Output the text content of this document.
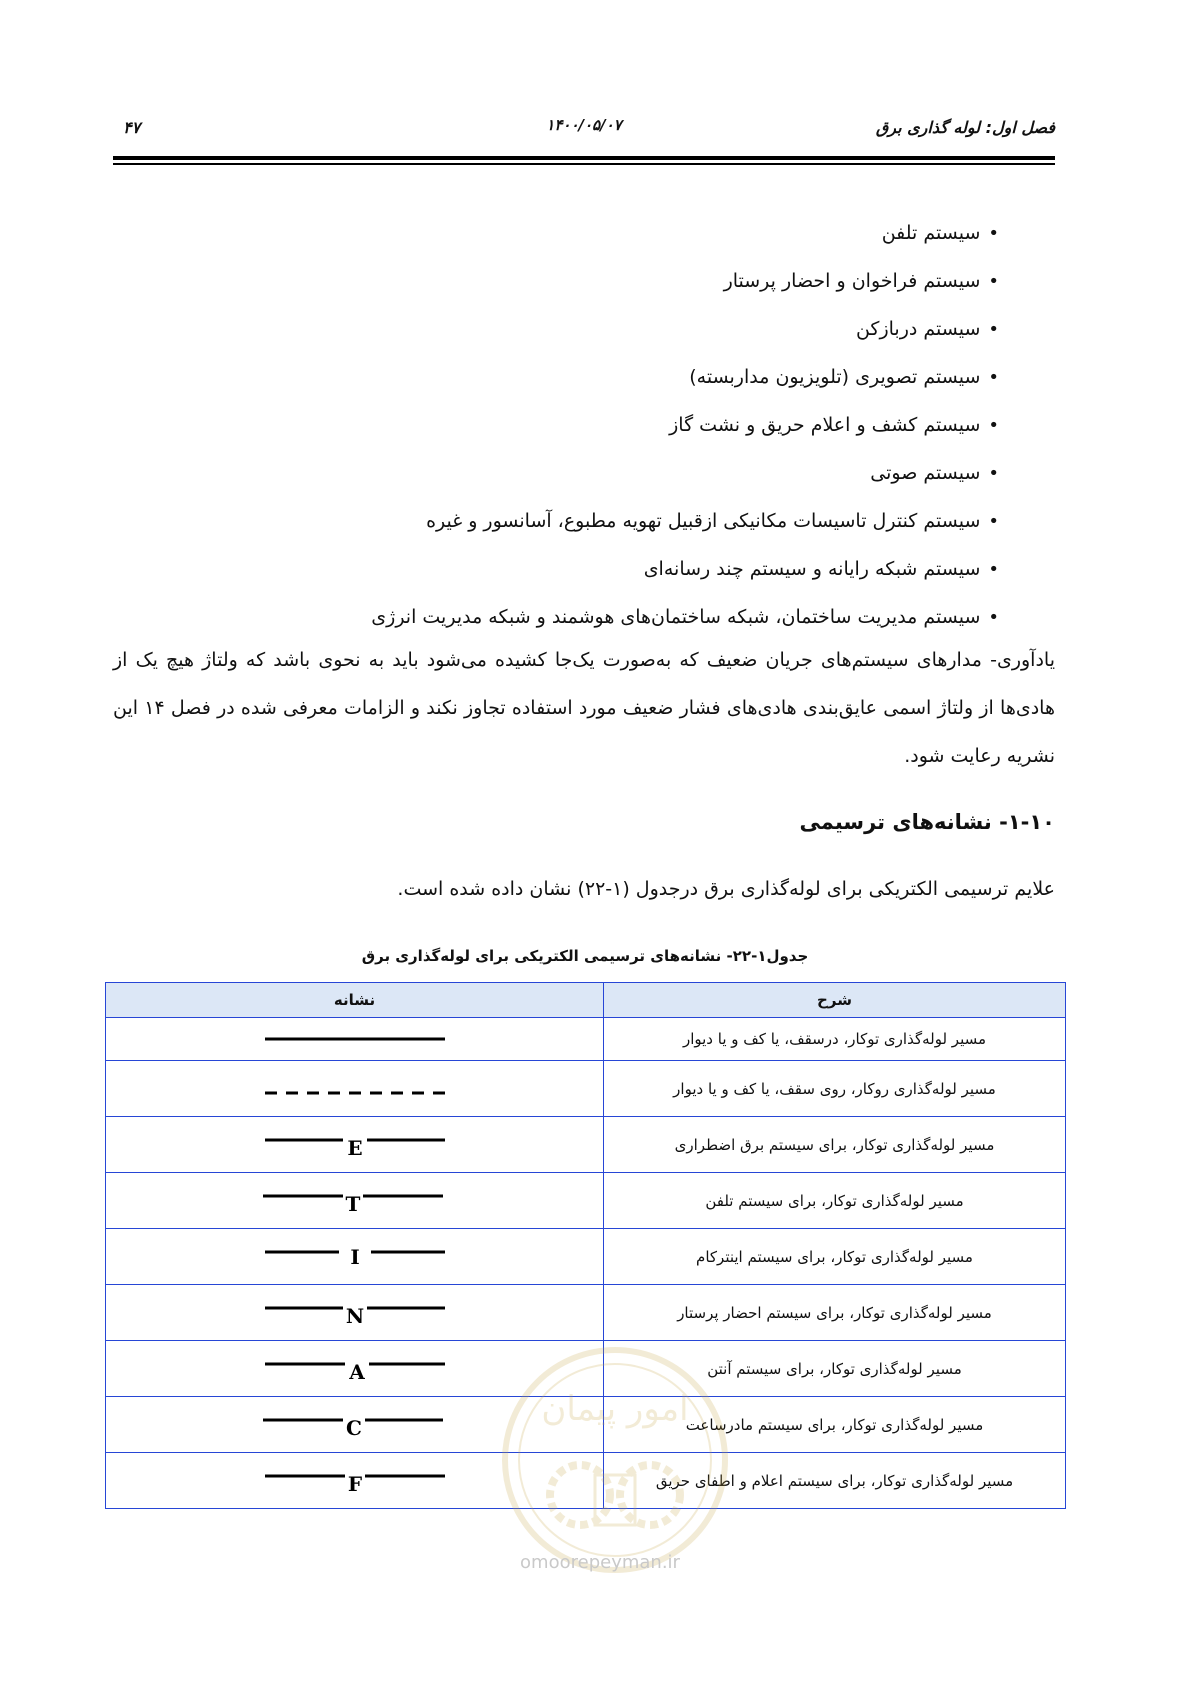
فصل اول: لوله گذاری برق
۱۴۰۰/۰۵/۰۷
۴۷
• سیستم تلفن
• سیستم فراخوان و احضار پرستار
• سیستم دربازکن
• سیستم تصویری (تلویزیون مداربسته)
• سیستم کشف و اعلام حریق و نشت گاز
• سیستم صوتی
• سیستم کنترل تاسیسات مکانیکی ازقبیل تهویه مطبوع، آسانسور و غیره
• سیستم شبکه رایانه و سیستم چند رسانه‌ای
• سیستم مدیریت ساختمان، شبکه ساختمان‌های هوشمند و شبکه مدیریت انرژی

یادآوری- مدارهای سیستم‌های جریان ضعیف که به‌صورت یک‌جا کشیده می‌شود باید به نحوی باشد که ولتاژ هیچ یک از هادی‌ها از ولتاژ اسمی عایق‌بندی هادی‌های فشار ضعیف مورد استفاده تجاوز نکند و الزامات معرفی شده در فصل ۱۴ این نشریه رعایت شود.

۱-۱۰- نشانه‌های ترسیمی
علایم ترسیمی الکتریکی برای لوله‌گذاری برق درجدول (۱-۲۲) نشان داده شده است.
جدول۱-۲۲- نشانه‌های ترسیمی الکتریکی برای لوله‌گذاری برق
نشانه	شرح

	مسیر لوله‌گذاری توکار، درسقف، یا کف و یا دیوار

	مسیر لوله‌گذاری روکار، روی سقف، یا کف و یا دیوار

E	مسیر لوله‌گذاری توکار، برای سیستم برق اضطراری

T	مسیر لوله‌گذاری توکار، برای سیستم تلفن

I	مسیر لوله‌گذاری توکار، برای سیستم اینترکام

N	مسیر لوله‌گذاری توکار، برای سیستم احضار پرستار

A	مسیر لوله‌گذاری توکار، برای سیستم آنتن

C	مسیر لوله‌گذاری توکار، برای سیستم مادرساعت

F	مسیر لوله‌گذاری توکار، برای سیستم اعلام و اطفای حریق
امور پیمان
omoorepeyman.ir
